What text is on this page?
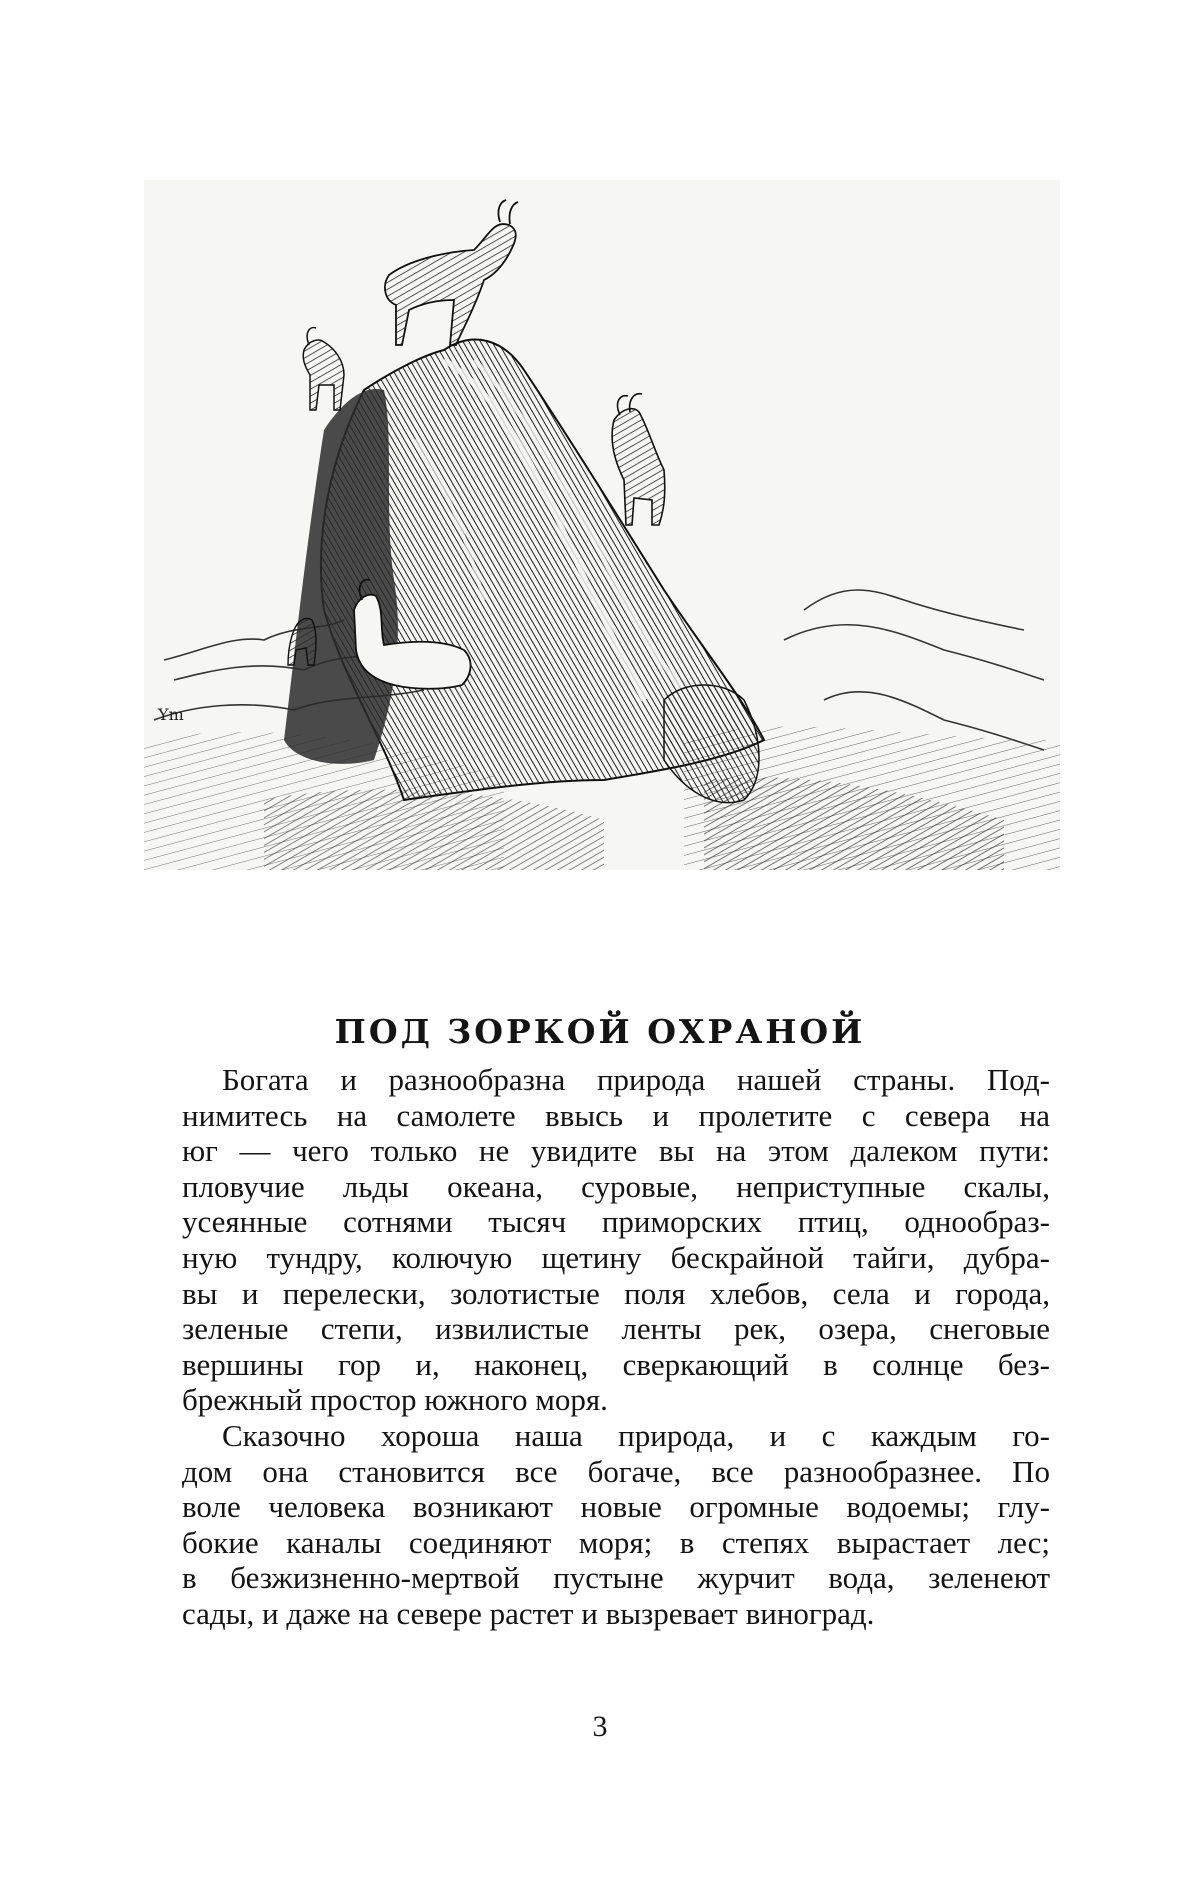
Ym
ПОД ЗОРКОЙ ОХРАНОЙ

Богата и разнообразна природа нашей страны. Под-
нимитесь на самолете ввысь и пролетите с севера на
юг — чего только не увидите вы на этом далеком пути:
пловучие льды океана, суровые, неприступные скалы,
усеянные сотнями тысяч приморских птиц, однообраз-
ную тундру, колючую щетину бескрайной тайги, дубра-
вы и перелески, золотистые поля хлебов, села и города,
зеленые степи, извилистые ленты рек, озера, снеговые
вершины гор и, наконец, сверкающий в солнце без-
брежный простор южного моря.

Сказочно хороша наша природа, и с каждым го-
дом она становится все богаче, все разнообразнее. По
воле человека возникают новые огромные водоемы; глу-
бокие каналы соединяют моря; в степях вырастает лес;
в безжизненно-мертвой пустыне журчит вода, зеленеют
сады, и даже на севере растет и вызревает виноград.

3
